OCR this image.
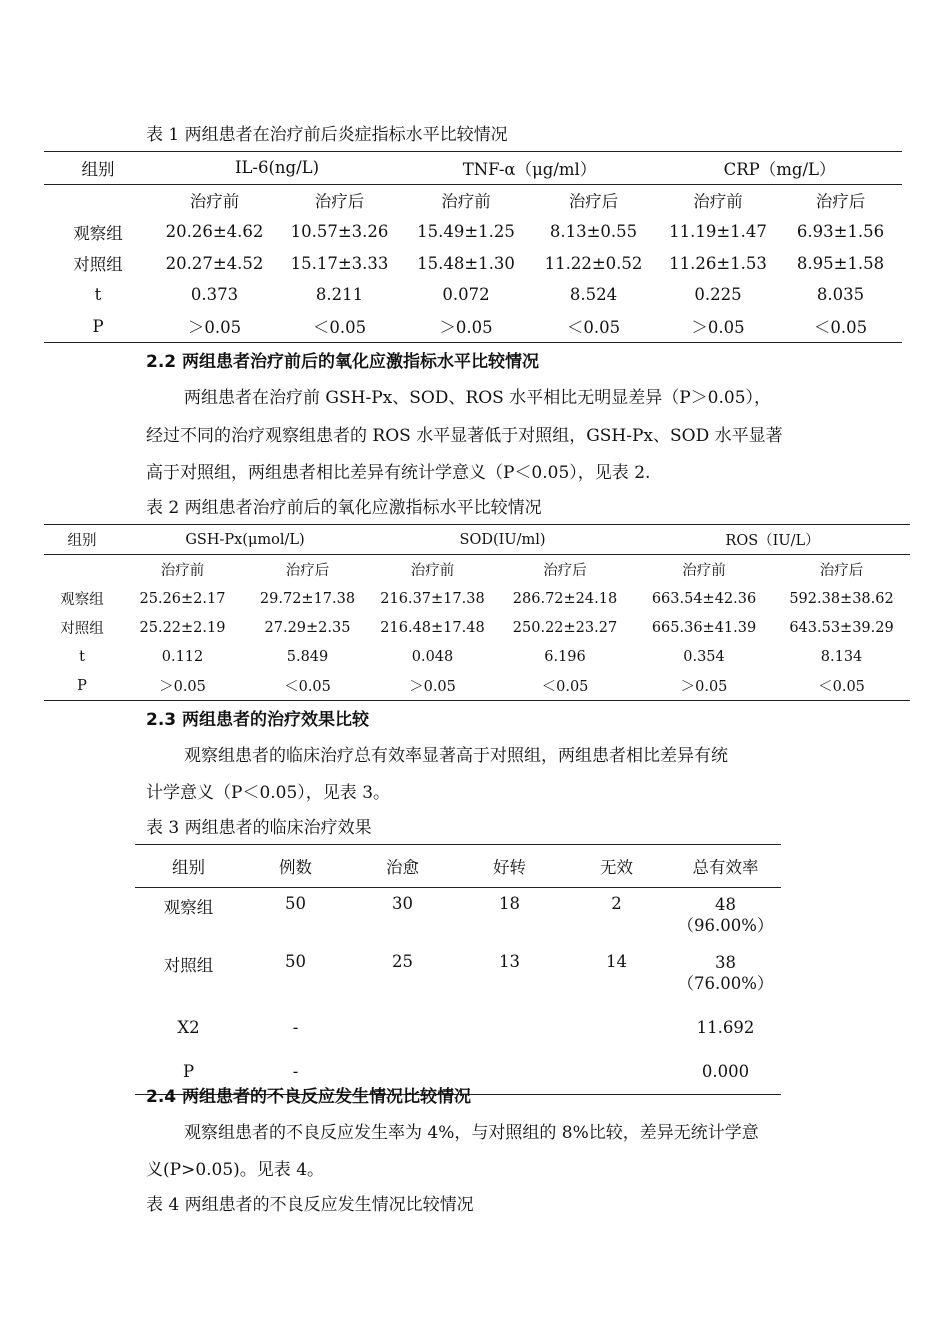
表 1 两组患者在治疗前后炎症指标水平比较情况
组别	IL-6(ng/L)		TNF-α（μg/ml）		CRP（mg/L）	
	治疗前	治疗后	治疗前	治疗后	治疗前	治疗后
观察组	20.26±4.62	10.57±3.26	15.49±1.25	8.13±0.55	11.19±1.47	6.93±1.56
对照组	20.27±4.52	15.17±3.33	15.48±1.30	11.22±0.52	11.26±1.53	8.95±1.58
t	0.373	8.211	0.072	8.524	0.225	8.035
P	＞0.05	＜0.05	＞0.05	＜0.05	＞0.05	＜0.05
2.2 两组患者治疗前后的氧化应激指标水平比较情况
两组患者在治疗前 GSH-Px、SOD、ROS 水平相比无明显差异（P＞0.05），
经过不同的治疗观察组患者的 ROS 水平显著低于对照组，GSH-Px、SOD 水平显著
高于对照组，两组患者相比差异有统计学意义（P＜0.05），见表 2.
表 2 两组患者治疗前后的氧化应激指标水平比较情况
组别	GSH-Px(μmol/L)		SOD(IU/ml)		ROS（IU/L）	
	治疗前	治疗后	治疗前	治疗后	治疗前	治疗后
观察组	25.26±2.17	29.72±17.38	216.37±17.38	286.72±24.18	663.54±42.36	592.38±38.62
对照组	25.22±2.19	27.29±2.35	216.48±17.48	250.22±23.27	665.36±41.39	643.53±39.29
t	0.112	5.849	0.048	6.196	0.354	8.134
P	＞0.05	＜0.05	＞0.05	＜0.05	＞0.05	＜0.05
2.3 两组患者的治疗效果比较
观察组患者的临床治疗总有效率显著高于对照组，两组患者相比差异有统
计学意义（P＜0.05），见表 3。
表 3 两组患者的临床治疗效果
组别	例数	治愈	好转	无效	总有效率
观察组	50	30	18	2	48
（96.00%）

对照组	50	25	13	14	38
（76.00%）

X2	-				11.692
P	-				0.000
2.4 两组患者的不良反应发生情况比较情况
观察组患者的不良反应发生率为 4%，与对照组的 8%比较，差异无统计学意
义(P>0.05)。见表 4。
表 4 两组患者的不良反应发生情况比较情况
